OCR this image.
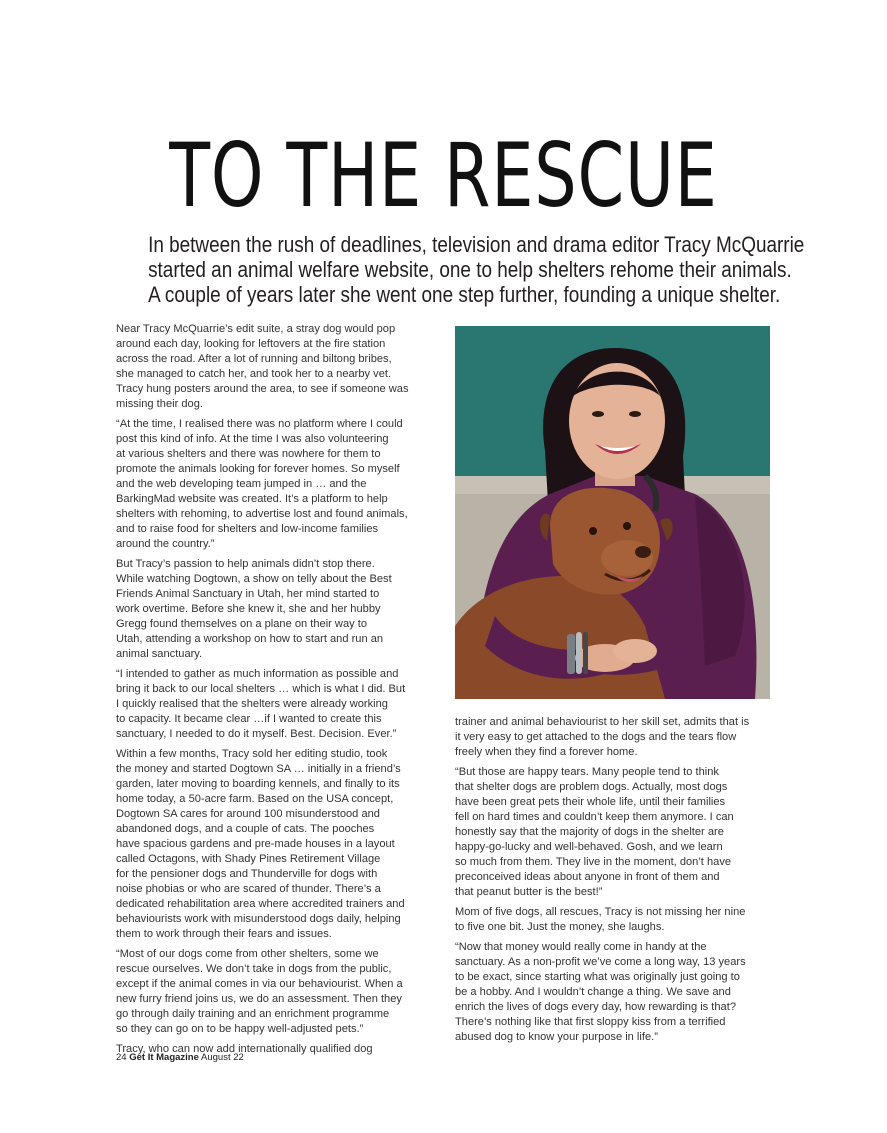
TO THE RESCUE
In between the rush of deadlines, television and drama editor Tracy McQuarrie
started an animal welfare website, one to help shelters rehome their animals.
A couple of years later she went one step further, founding a unique shelter.

Near Tracy McQuarrie’s edit suite, a stray dog would pop
around each day, looking for leftovers at the fire station
across the road. After a lot of running and biltong bribes,
she managed to catch her, and took her to a nearby vet.
Tracy hung posters around the area, to see if someone was
missing their dog.

“At the time, I realised there was no platform where I could
post this kind of info. At the time I was also volunteering
at various shelters and there was nowhere for them to
promote the animals looking for forever homes. So myself
and the web developing team jumped in … and the
BarkingMad website was created. It’s a platform to help
shelters with rehoming, to advertise lost and found animals,
and to raise food for shelters and low-income families
around the country.”

But Tracy’s passion to help animals didn’t stop there.
While watching Dogtown, a show on telly about the Best
Friends Animal Sanctuary in Utah, her mind started to
work overtime. Before she knew it, she and her hubby
Gregg found themselves on a plane on their way to
Utah, attending a workshop on how to start and run an
animal sanctuary.

“I intended to gather as much information as possible and
bring it back to our local shelters … which is what I did. But
I quickly realised that the shelters were already working
to capacity. It became clear …if I wanted to create this
sanctuary, I needed to do it myself. Best. Decision. Ever.”

Within a few months, Tracy sold her editing studio, took
the money and started Dogtown SA … initially in a friend’s
garden, later moving to boarding kennels, and finally to its
home today, a 50-acre farm. Based on the USA concept,
Dogtown SA cares for around 100 misunderstood and
abandoned dogs, and a couple of cats. The pooches
have spacious gardens and pre-made houses in a layout
called Octagons, with Shady Pines Retirement Village
for the pensioner dogs and Thunderville for dogs with
noise phobias or who are scared of thunder. There’s a
dedicated rehabilitation area where accredited trainers and
behaviourists work with misunderstood dogs daily, helping
them to work through their fears and issues.

“Most of our dogs come from other shelters, some we
rescue ourselves. We don’t take in dogs from the public,
except if the animal comes in via our behaviourist. When a
new furry friend joins us, we do an assessment. Then they
go through daily training and an enrichment programme
so they can go on to be happy well-adjusted pets.”

Tracy, who can now add internationally qualified dog

trainer and animal behaviourist to her skill set, admits that is
it very easy to get attached to the dogs and the tears flow
freely when they find a forever home.

“But those are happy tears. Many people tend to think
that shelter dogs are problem dogs. Actually, most dogs
have been great pets their whole life, until their families
fell on hard times and couldn’t keep them anymore. I can
honestly say that the majority of dogs in the shelter are
happy-go-lucky and well-behaved. Gosh, and we learn
so much from them. They live in the moment, don’t have
preconceived ideas about anyone in front of them and
that peanut butter is the best!”

Mom of five dogs, all rescues, Tracy is not missing her nine
to five one bit. Just the money, she laughs.

“Now that money would really come in handy at the
sanctuary. As a non-profit we’ve come a long way, 13 years
to be exact, since starting what was originally just going to
be a hobby. And I wouldn’t change a thing. We save and
enrich the lives of dogs every day, how rewarding is that?
There’s nothing like that first sloppy kiss from a terrified
abused dog to know your purpose in life.”

24 Get It Magazine August 22
